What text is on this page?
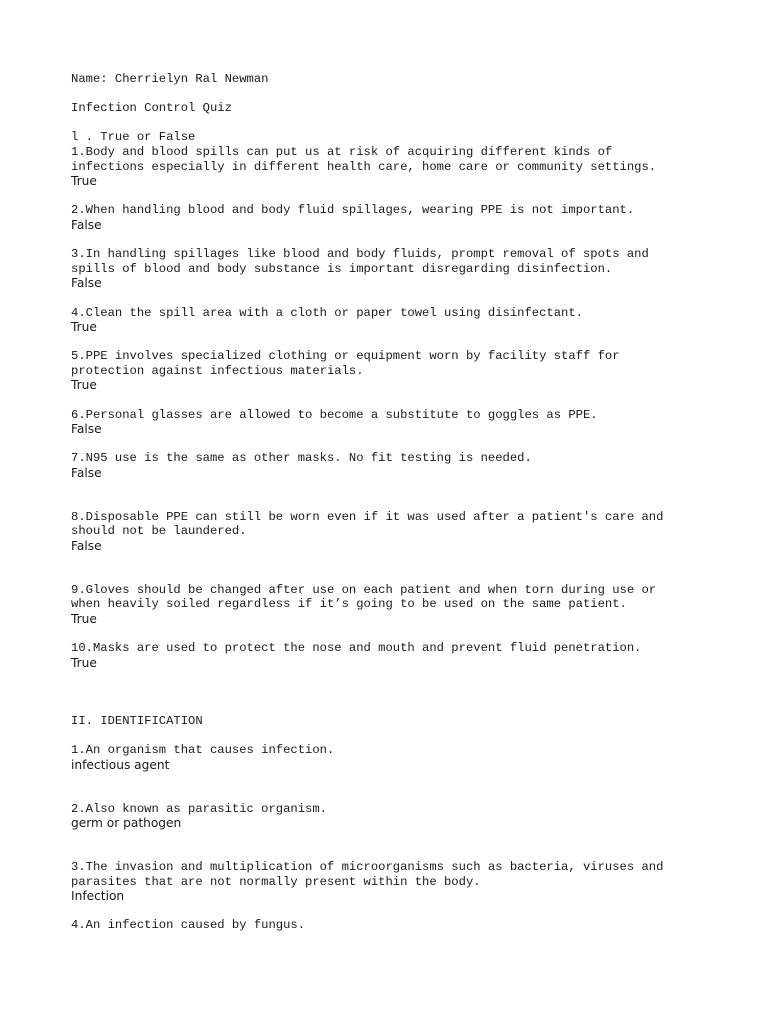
Name: Cherrielyn Ral Newman
Infection Control Quiz
l . True or False
1.Body and blood spills can put us at risk of acquiring different kinds of
infections especially in different health care, home care or community settings.
True
2.When handling blood and body fluid spillages, wearing PPE is not important.
False
3.In handling spillages like blood and body fluids, prompt removal of spots and
spills of blood and body substance is important disregarding disinfection.
False
4.Clean the spill area with a cloth or paper towel using disinfectant.
True
5.PPE involves specialized clothing or equipment worn by facility staff for
protection against infectious materials.
True
6.Personal glasses are allowed to become a substitute to goggles as PPE.
False
7.N95 use is the same as other masks. No fit testing is needed.
False
8.Disposable PPE can still be worn even if it was used after a patient's care and
should not be laundered.
False
9.Gloves should be changed after use on each patient and when torn during use or
when heavily soiled regardless if it’s going to be used on the same patient.
True
10.Masks are used to protect the nose and mouth and prevent fluid penetration.
True
II. IDENTIFICATION
1.An organism that causes infection.
infectious agent
2.Also known as parasitic organism.
germ or pathogen
3.The invasion and multiplication of microorganisms such as bacteria, viruses and
parasites that are not normally present within the body.
Infection
4.An infection caused by fungus.
